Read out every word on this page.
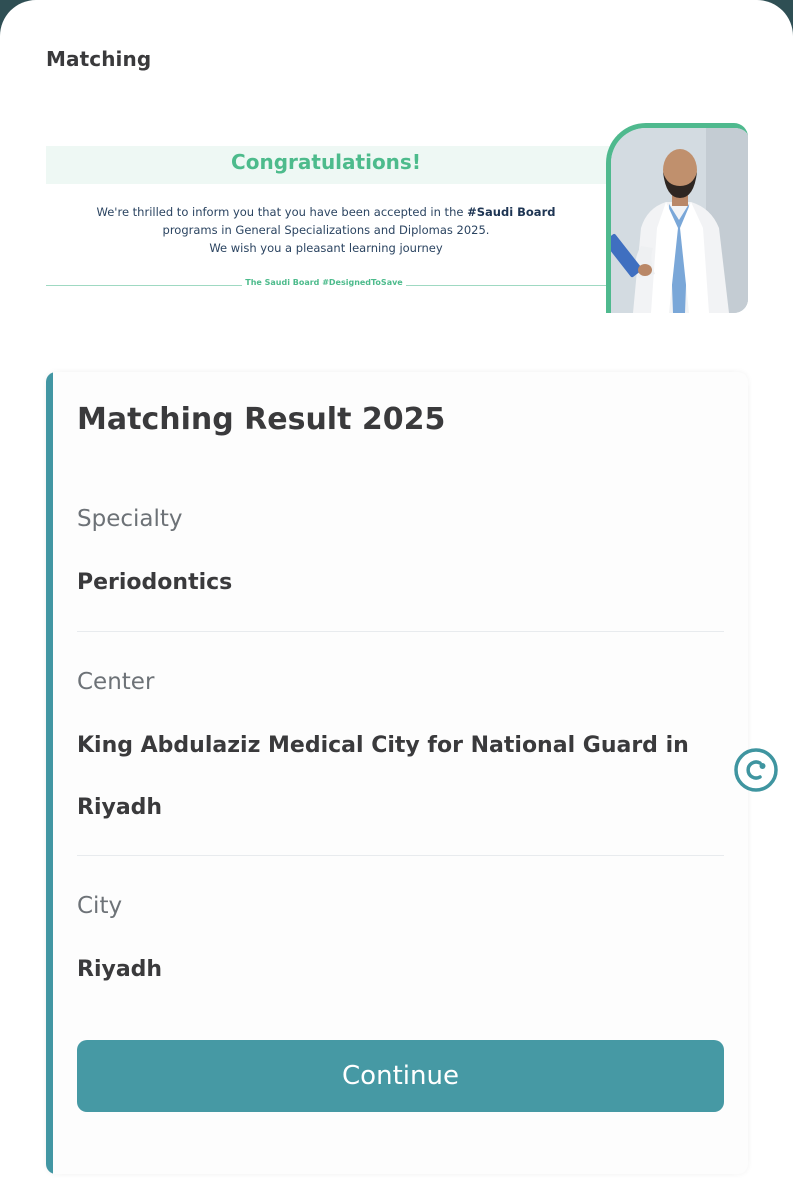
Matching
Congratulations!
We're thrilled to inform you that you have been accepted in the #Saudi Board
programs in General Specializations and Diplomas 2025.
We wish you a pleasant learning journey
The Saudi Board #DesignedToSave
Matching Result 2025
Specialty
Periodontics
Center
King Abdulaziz Medical City for National Guard in Riyadh
City
Riyadh
Continue
